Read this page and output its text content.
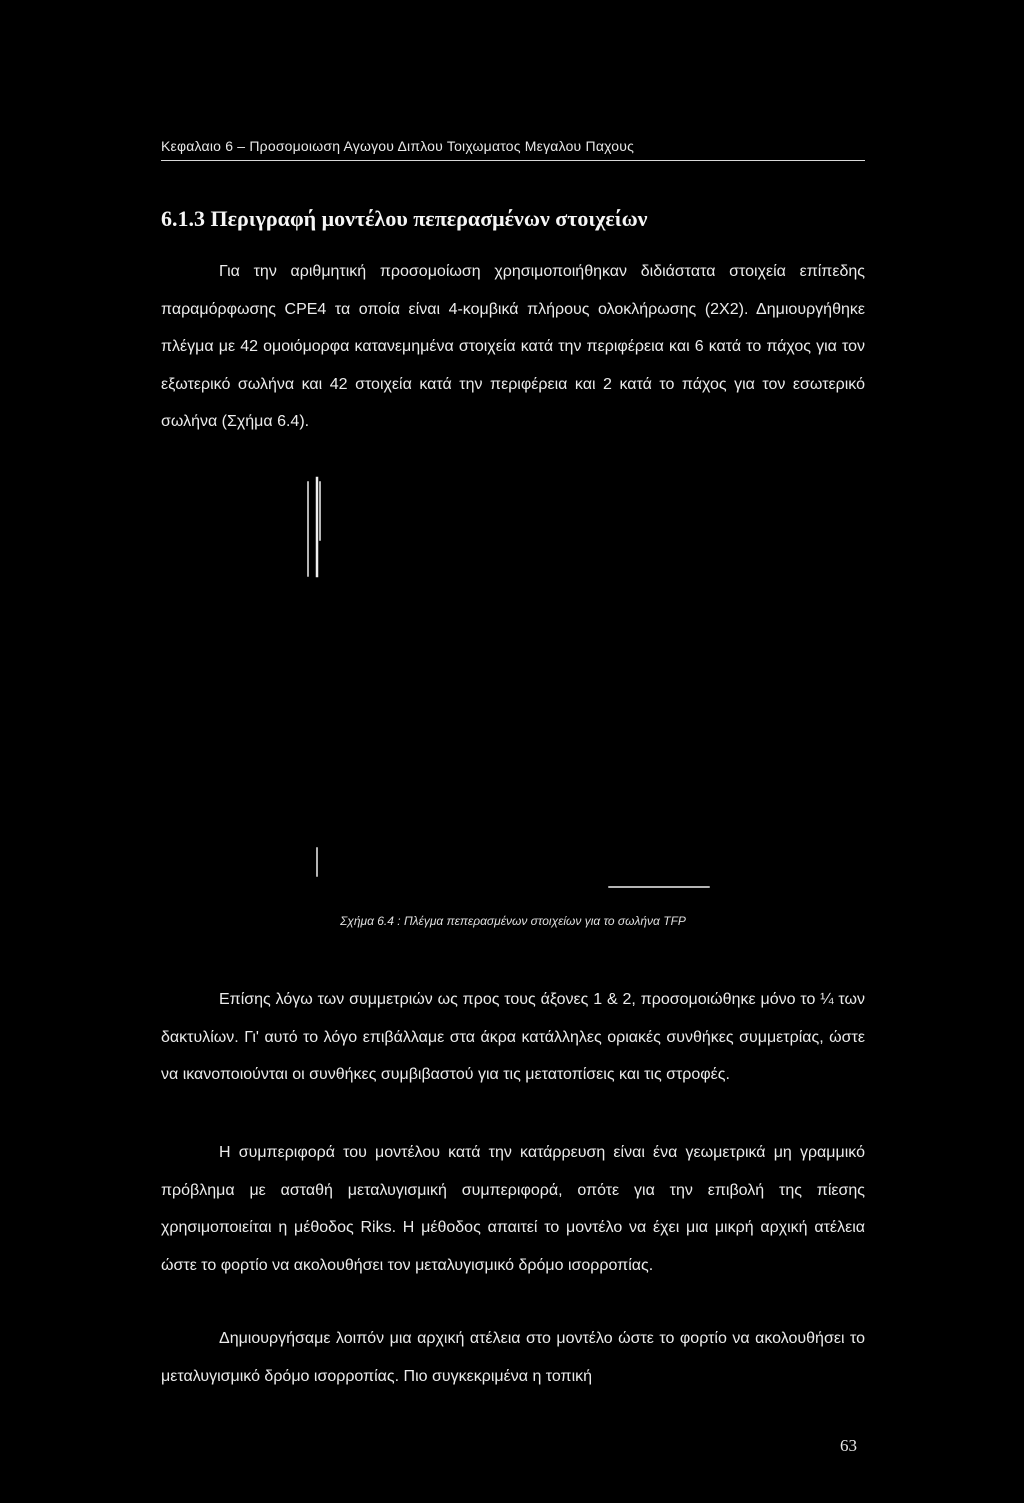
Κεφαλαιο 6 – Προσομοιωση Αγωγου Διπλου Τοιχωματος Μεγαλου Παχους
6.1.3 Περιγραφή μοντέλου πεπερασμένων στοιχείων

Για την αριθμητική προσομοίωση χρησιμοποιήθηκαν διδιάστατα στοιχεία επίπεδης παραμόρφωσης CPE4 τα οποία είναι 4-κομβικά πλήρους ολοκλήρωσης (2X2). Δημιουργήθηκε πλέγμα με 42 ομοιόμορφα κατανεμημένα στοιχεία κατά την περιφέρεια και 6 κατά το πάχος για τον εξωτερικό σωλήνα και 42 στοιχεία κατά την περιφέρεια και 2 κατά το πάχος για τον εσωτερικό σωλήνα (Σχήμα 6.4).

Σχήμα 6.4 : Πλέγμα πεπερασμένων στοιχείων για το σωλήνα TFP

Επίσης λόγω των συμμετριών ως προς τους άξονες 1 & 2, προσομοιώθηκε μόνο το ¼ των δακτυλίων. Γι' αυτό το λόγο επιβάλλαμε στα άκρα κατάλληλες οριακές συνθήκες συμμετρίας, ώστε να ικανοποιούνται οι συνθήκες συμβιβαστού για τις μετατοπίσεις και τις στροφές.

Η συμπεριφορά του μοντέλου κατά την κατάρρευση είναι ένα γεωμετρικά μη γραμμικό πρόβλημα με ασταθή μεταλυγισμική συμπεριφορά, οπότε για την επιβολή της πίεσης χρησιμοποιείται η μέθοδος Riks. Η μέθοδος απαιτεί το μοντέλο να έχει μια μικρή αρχική ατέλεια ώστε το φορτίο να ακολουθήσει τον μεταλυγισμικό δρόμο ισορροπίας.

Δημιουργήσαμε λοιπόν μια αρχική ατέλεια στο μοντέλο ώστε το φορτίο να ακολουθήσει το μεταλυγισμικό δρόμο ισορροπίας. Πιο συγκεκριμένα η τοπική

63
